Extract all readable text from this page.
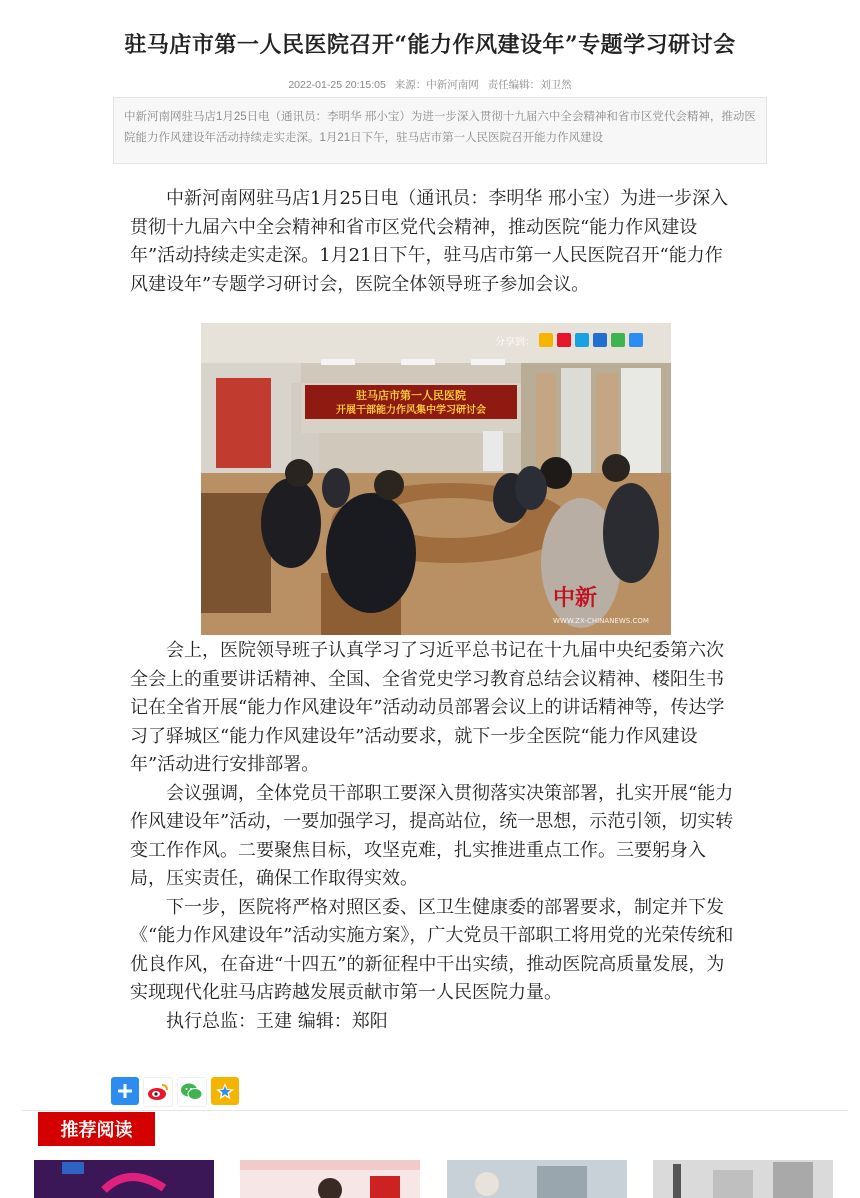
驻马店市第一人民医院召开“能力作风建设年”专题学习研讨会
2022-01-25 20:15:05 来源：中新河南网 责任编辑：刘卫然
中新河南网驻马店1月25日电（通讯员：李明华 邢小宝）为进一步深入贯彻十九届六中全会精神和省市区党代会精神，推动医院能力作风建设年活动持续走实走深。1月21日下午，驻马店市第一人民医院召开能力作风建设

中新河南网驻马店1月25日电（通讯员：李明华 邢小宝）为进一步深入贯彻十九届六中全会精神和省市区党代会精神，推动医院“能力作风建设年”活动持续走实走深。1月21日下午，驻马店市第一人民医院召开“能力作风建设年”专题学习研讨会，医院全体领导班子参加会议。

驻马店市第一人民医院
开展干部能力作风集中学习研讨会
中新
WWW.ZX-CHINANEWS.COM
分享到：

会上，医院领导班子认真学习了习近平总书记在十九届中央纪委第六次全会上的重要讲话精神、全国、全省党史学习教育总结会议精神、楼阳生书记在全省开展“能力作风建设年”活动动员部署会议上的讲话精神等，传达学习了驿城区“能力作风建设年”活动要求，就下一步全医院“能力作风建设年”活动进行安排部署。

会议强调，全体党员干部职工要深入贯彻落实决策部署，扎实开展“能力作风建设年”活动，一要加强学习，提高站位，统一思想，示范引领，切实转变工作作风。二要聚焦目标，攻坚克难，扎实推进重点工作。三要躬身入局，压实责任，确保工作取得实效。

下一步，医院将严格对照区委、区卫生健康委的部署要求，制定并下发《“能力作风建设年”活动实施方案》，广大党员干部职工将用党的光荣传统和优良作风，在奋进“十四五”的新征程中干出实绩，推动医院高质量发展，为实现现代化驻马店跨越发展贡献市第一人民医院力量。

执行总监：王建 编辑：郑阳

推荐阅读
